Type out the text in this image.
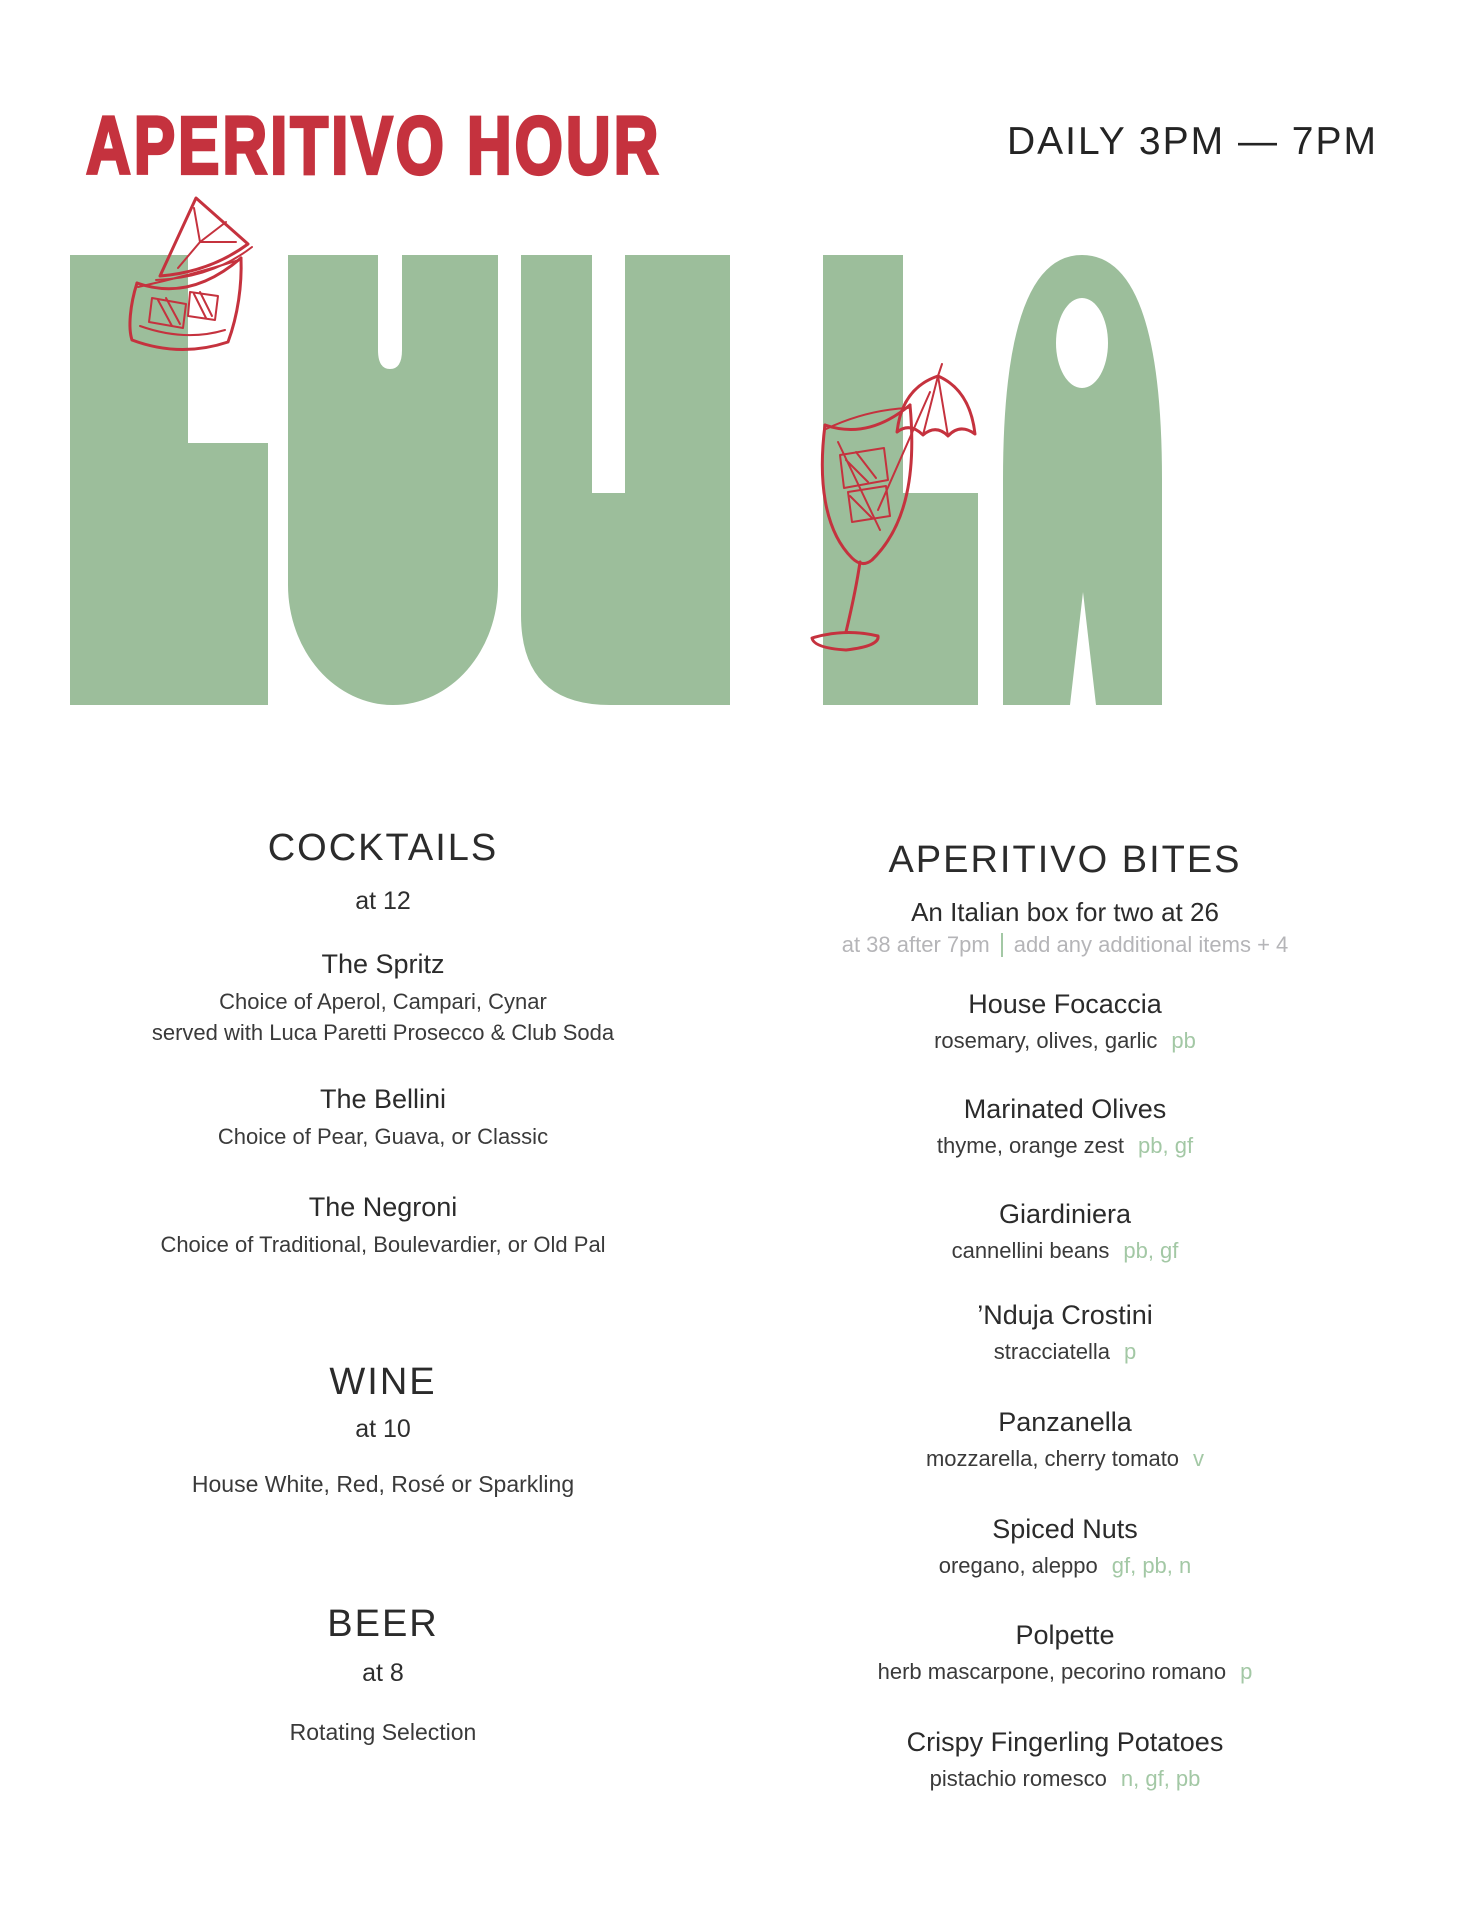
APERITIVO HOUR	DAILY 3PM — 7PM
COCKTAILS
at 12
The Spritz
Choice of Aperol, Campari, Cynar
served with Luca Paretti Prosecco & Club Soda
The Bellini
Choice of Pear, Guava, or Classic
The Negroni
Choice of Traditional, Boulevardier, or Old Pal
WINE
at 10
House White, Red, Rosé or Sparkling
BEER
at 8
Rotating Selection
APERITIVO BITES
An Italian box for two at 26
at 38 after 7pm add any additional items + 4
House Focaccia
rosemary, olives, garlic pb
Marinated Olives
thyme, orange zest pb, gf
Giardiniera
cannellini beans pb, gf
’Nduja Crostini
stracciatella p
Panzanella
mozzarella, cherry tomato v
Spiced Nuts
oregano, aleppo gf, pb, n
Polpette
herb mascarpone, pecorino romano p
Crispy Fingerling Potatoes
pistachio romesco n, gf, pb
